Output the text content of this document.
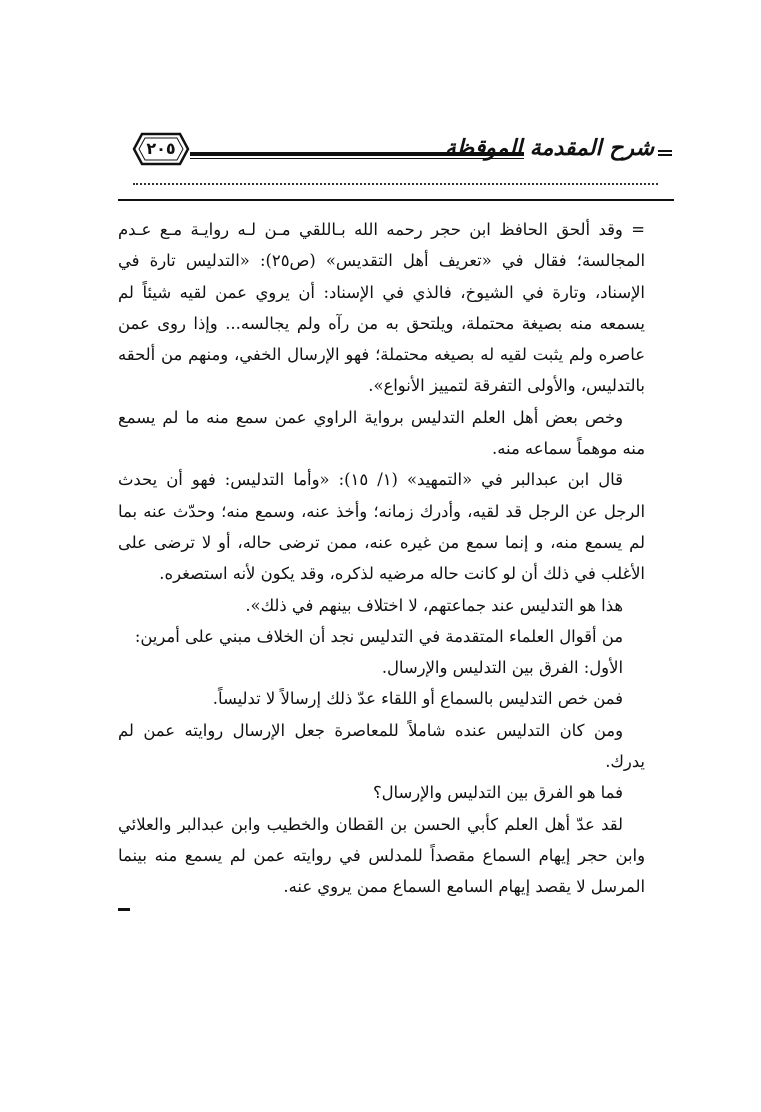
شرح المقدمة الموقظة
٢٠٥

= وقد ألحق الحافظ ابن حجر رحمه الله بـاللقي مـن لـه روايـة مـع عـدم المجالسة؛ فقال في «تعريف أهل التقديس» (ص٢٥): «التدليس تارة في الإسناد، وتارة في الشيوخ، فالذي في الإسناد: أن يروي عمن لقيه شيئاً لم يسمعه منه بصيغة محتملة، ويلتحق به من رآه ولم يجالسه... وإذا روى عمن عاصره ولم يثبت لقيه له بصيغه محتملة؛ فهو الإرسال الخفي، ومنهم من ألحقه بالتدليس، والأولى التفرقة لتمييز الأنواع».

وخص بعض أهل العلم التدليس برواية الراوي عمن سمع منه ما لم يسمع منه موهماً سماعه منه.

قال ابن عبدالبر في «التمهيد» (١/ ١٥): «وأما التدليس: فهو أن يحدث الرجل عن الرجل قد لقيه، وأدرك زمانه؛ وأخذ عنه، وسمع منه؛ وحدّث عنه بما لم يسمع منه، و إنما سمع من غيره عنه، ممن ترضى حاله، أو لا ترضى على الأغلب في ذلك أن لو كانت حاله مرضيه لذكره، وقد يكون لأنه استصغره.

هذا هو التدليس عند جماعتهم، لا اختلاف بينهم في ذلك».

من أقوال العلماء المتقدمة في التدليس نجد أن الخلاف مبني على أمرين:

الأول: الفرق بين التدليس والإرسال.

فمن خص التدليس بالسماع أو اللقاء عدّ ذلك إرسالاً لا تدليساً.

ومن كان التدليس عنده شاملاً للمعاصرة جعل الإرسال روايته عمن لم يدرك.

فما هو الفرق بين التدليس والإرسال؟

لقد عدّ أهل العلم كأبي الحسن بن القطان والخطيب وابن عبدالبر والعلائي وابن حجر إيهام السماع مقصداً للمدلس في روايته عمن لم يسمع منه بينما المرسل لا يقصد إيهام السامع السماع ممن يروي عنه.
